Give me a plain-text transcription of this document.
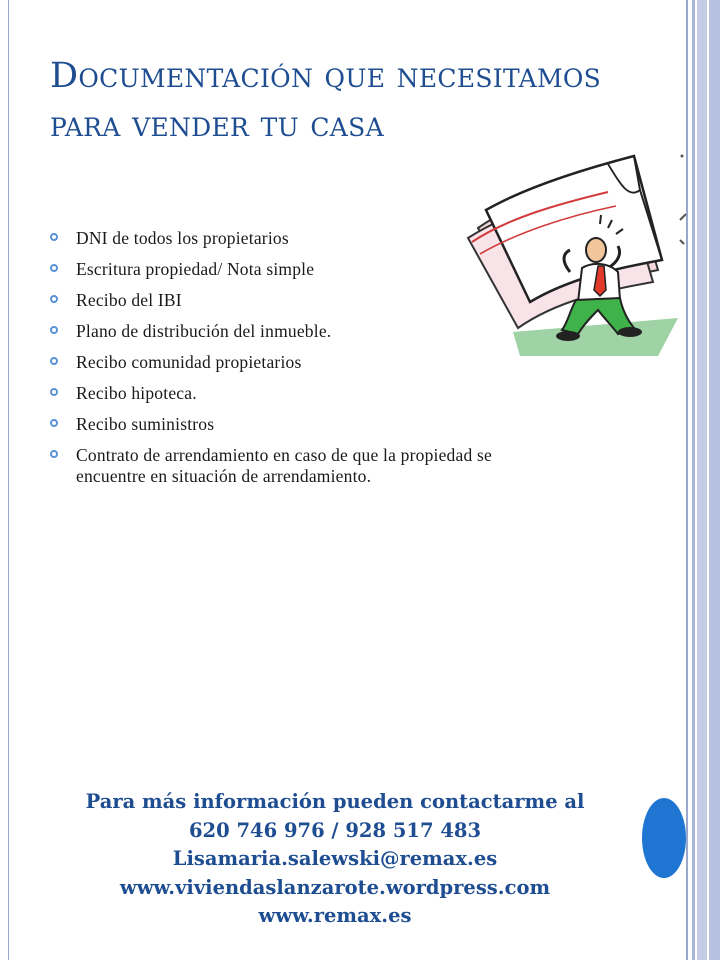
Documentación que necesitamos para vender tu casa
DNI de todos los propietarios
Escritura propiedad/ Nota simple
Recibo del IBI
Plano de distribución del inmueble.
Recibo comunidad propietarios
Recibo hipoteca.
Recibo suministros
Contrato de arrendamiento en caso de que la propiedad se encuentre en situación de arrendamiento.
Para más información pueden contactarme al
620 746 976 / 928 517 483
Lisamaria.salewski@remax.es
www.viviendaslanzarote.wordpress.com
www.remax.es
